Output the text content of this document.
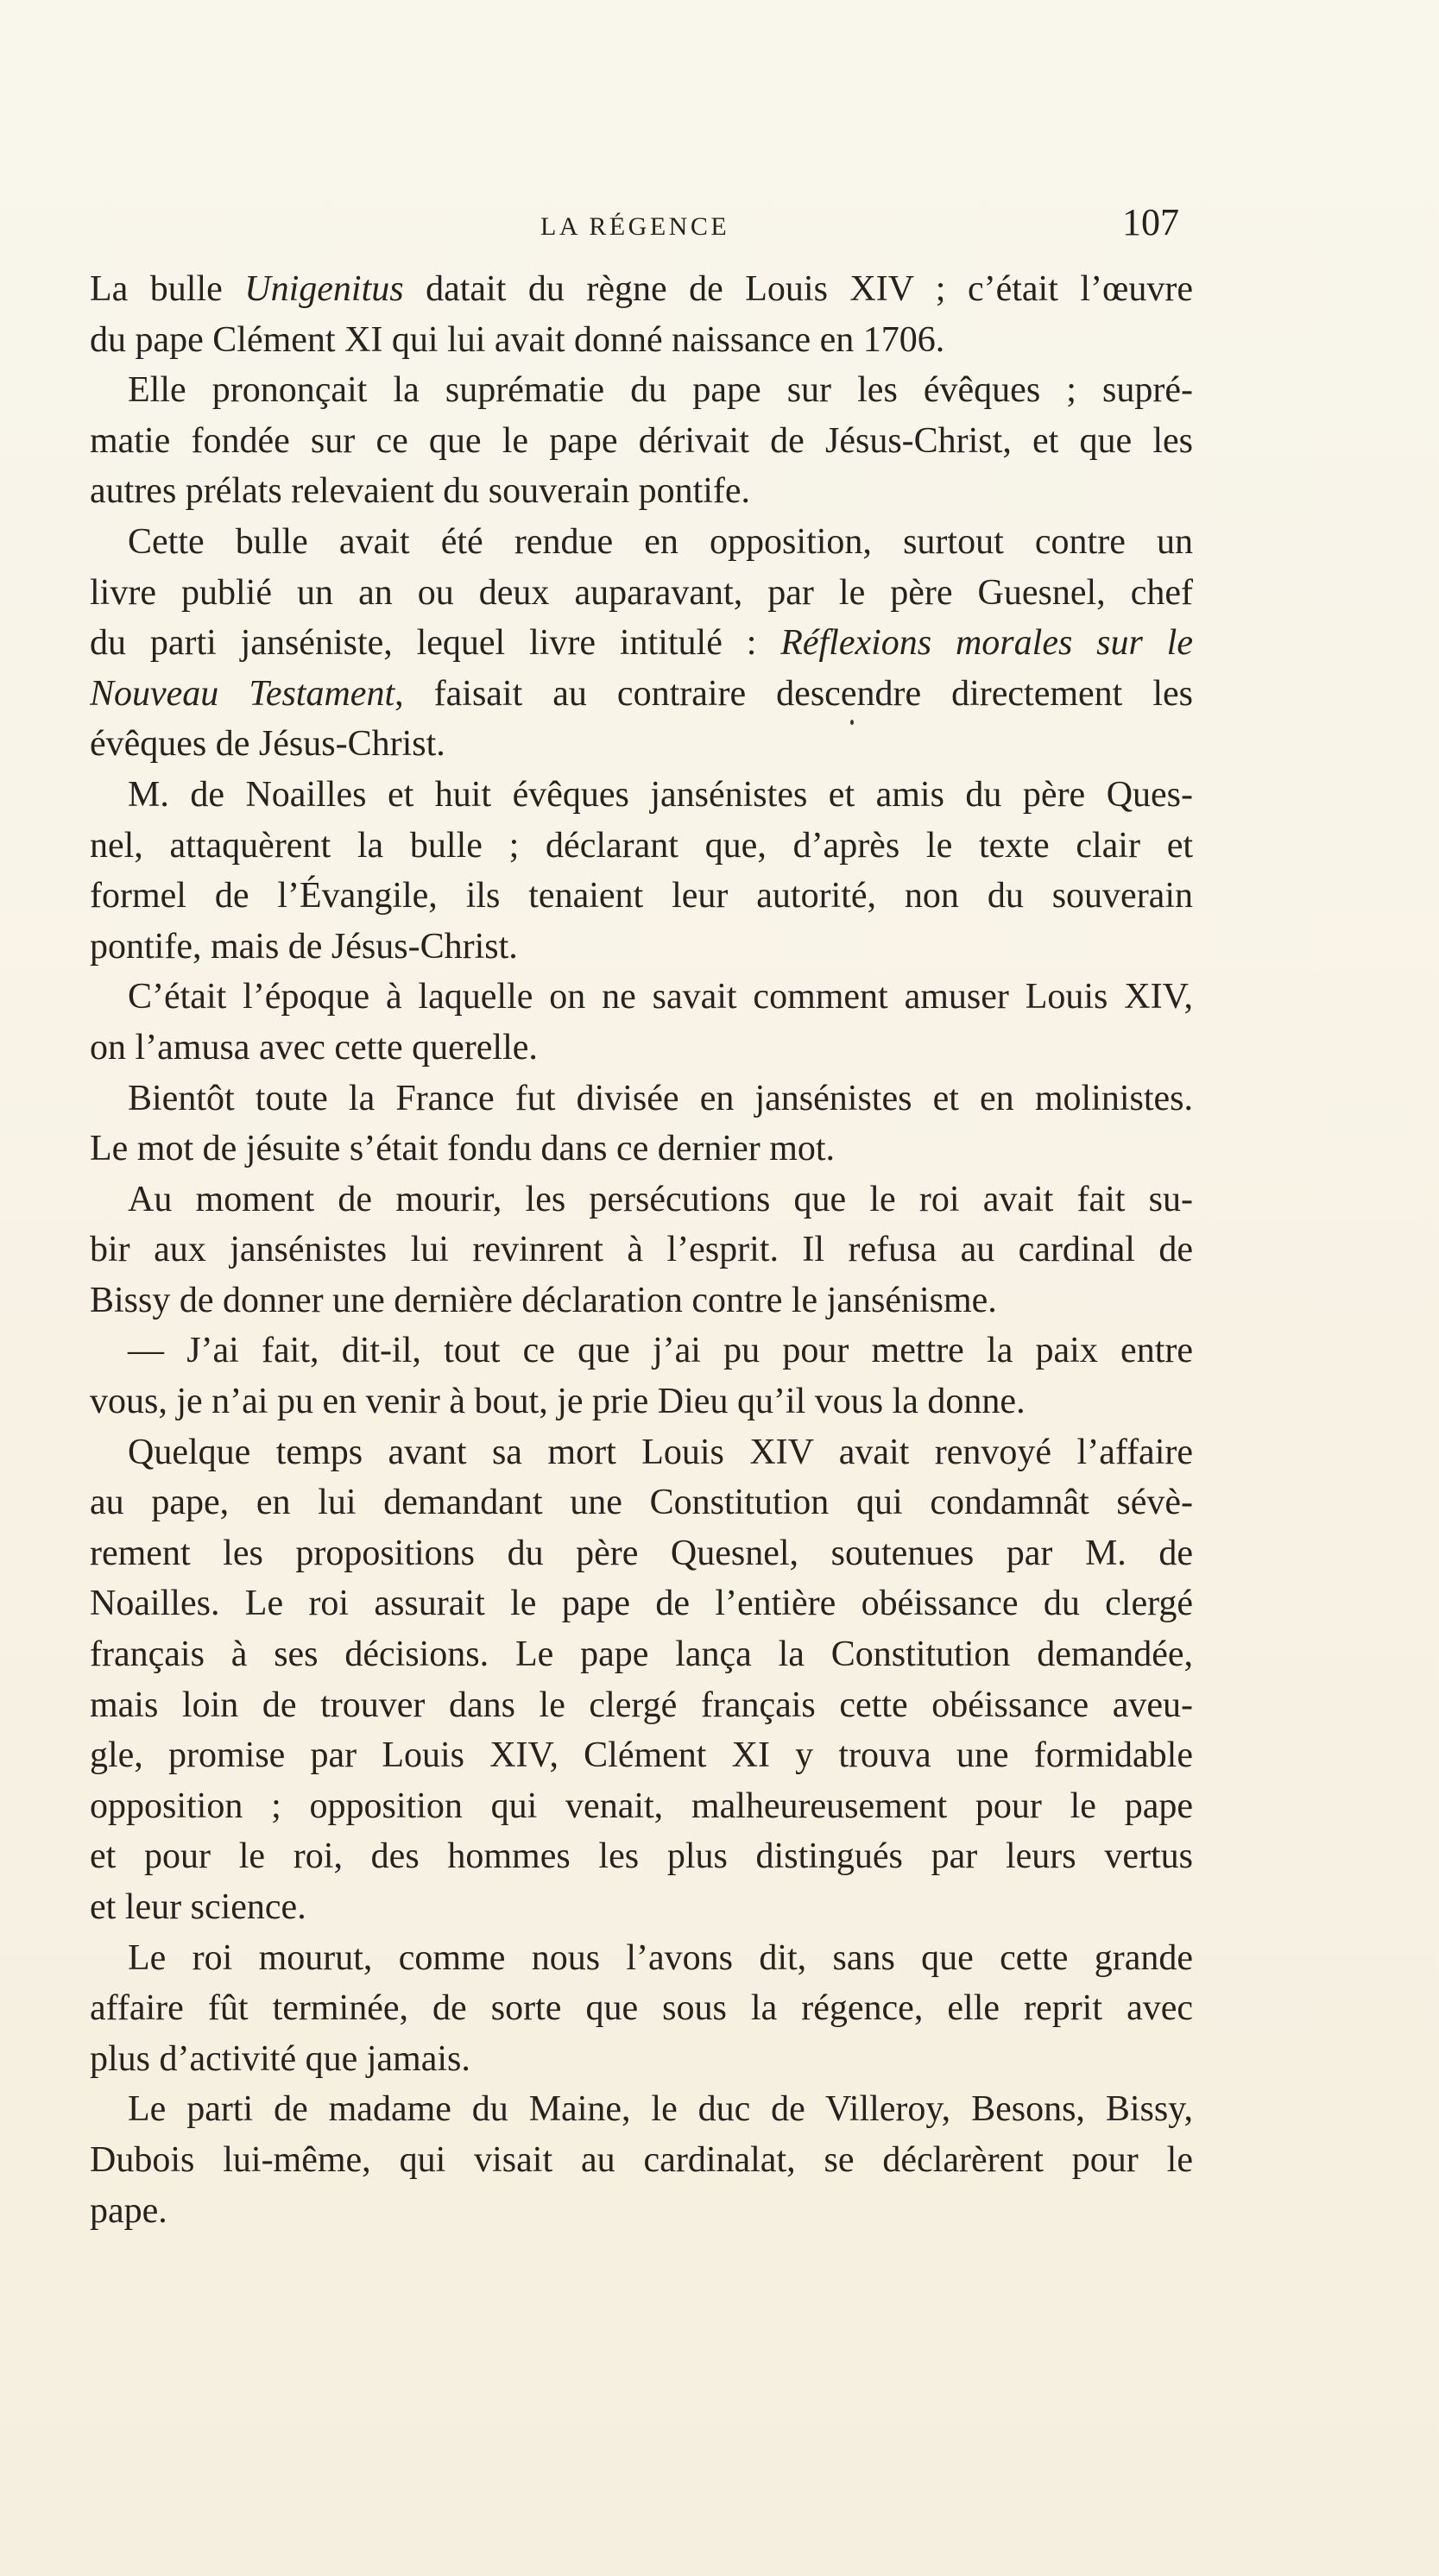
LA RÉGENCE	107
La bulle Unigenitus datait du règne de Louis XIV ; c’était l’œuvre
du pape Clément XI qui lui avait donné naissance en 1706.
Elle prononçait la suprématie du pape sur les évêques ; supré-
matie fondée sur ce que le pape dérivait de Jésus-Christ, et que les
autres prélats relevaient du souverain pontife.
Cette bulle avait été rendue en opposition, surtout contre un
livre publié un an ou deux auparavant, par le père Guesnel, chef
du parti janséniste, lequel livre intitulé : Réflexions morales sur le
Nouveau Testament, faisait au contraire descendre directement les
évêques de Jésus-Christ.
M. de Noailles et huit évêques jansénistes et amis du père Ques-
nel, attaquèrent la bulle ; déclarant que, d’après le texte clair et
formel de l’Évangile, ils tenaient leur autorité, non du souverain
pontife, mais de Jésus-Christ.
C’était l’époque à laquelle on ne savait comment amuser Louis XIV,
on l’amusa avec cette querelle.
Bientôt toute la France fut divisée en jansénistes et en molinistes.
Le mot de jésuite s’était fondu dans ce dernier mot.
Au moment de mourir, les persécutions que le roi avait fait su-
bir aux jansénistes lui revinrent à l’esprit. Il refusa au cardinal de
Bissy de donner une dernière déclaration contre le jansénisme.
— J’ai fait, dit-il, tout ce que j’ai pu pour mettre la paix entre
vous, je n’ai pu en venir à bout, je prie Dieu qu’il vous la donne.
Quelque temps avant sa mort Louis XIV avait renvoyé l’affaire
au pape, en lui demandant une Constitution qui condamnât sévè-
rement les propositions du père Quesnel, soutenues par M. de
Noailles. Le roi assurait le pape de l’entière obéissance du clergé
français à ses décisions. Le pape lança la Constitution demandée,
mais loin de trouver dans le clergé français cette obéissance aveu-
gle, promise par Louis XIV, Clément XI y trouva une formidable
opposition ; opposition qui venait, malheureusement pour le pape
et pour le roi, des hommes les plus distingués par leurs vertus
et leur science.
Le roi mourut, comme nous l’avons dit, sans que cette grande
affaire fût terminée, de sorte que sous la régence, elle reprit avec
plus d’activité que jamais.
Le parti de madame du Maine, le duc de Villeroy, Besons, Bissy,
Dubois lui-même, qui visait au cardinalat, se déclarèrent pour le
pape.
